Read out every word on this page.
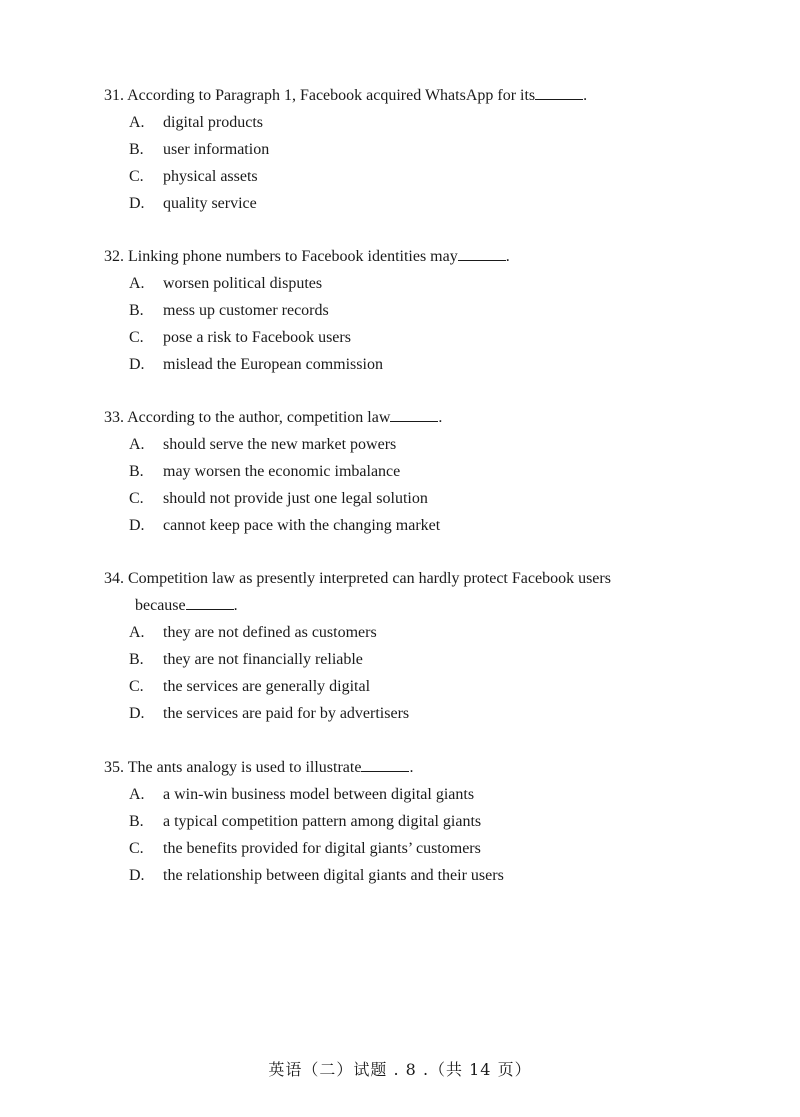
31. According to Paragraph 1, Facebook acquired WhatsApp for its	.
A. digital products
B. user information
C. physical assets
D. quality service
32. Linking phone numbers to Facebook identities may	.
A. worsen political disputes
B. mess up customer records
C. pose a risk to Facebook users
D. mislead the European commission
33. According to the author, competition law	.
A. should serve the new market powers
B. may worsen the economic imbalance
C. should not provide just one legal solution
D. cannot keep pace with the changing market
34. Competition law as presently interpreted can hardly protect Facebook users
because	.
A. they are not defined as customers
B. they are not financially reliable
C. the services are generally digital
D. the services are paid for by advertisers
35. The ants analogy is used to illustrate	.
A. a win-win business model between digital giants
B. a typical competition pattern among digital giants
C. the benefits provided for digital giants’ customers
D. the relationship between digital giants and their users
英语（二）试题 . 8 .（共 14 页）
